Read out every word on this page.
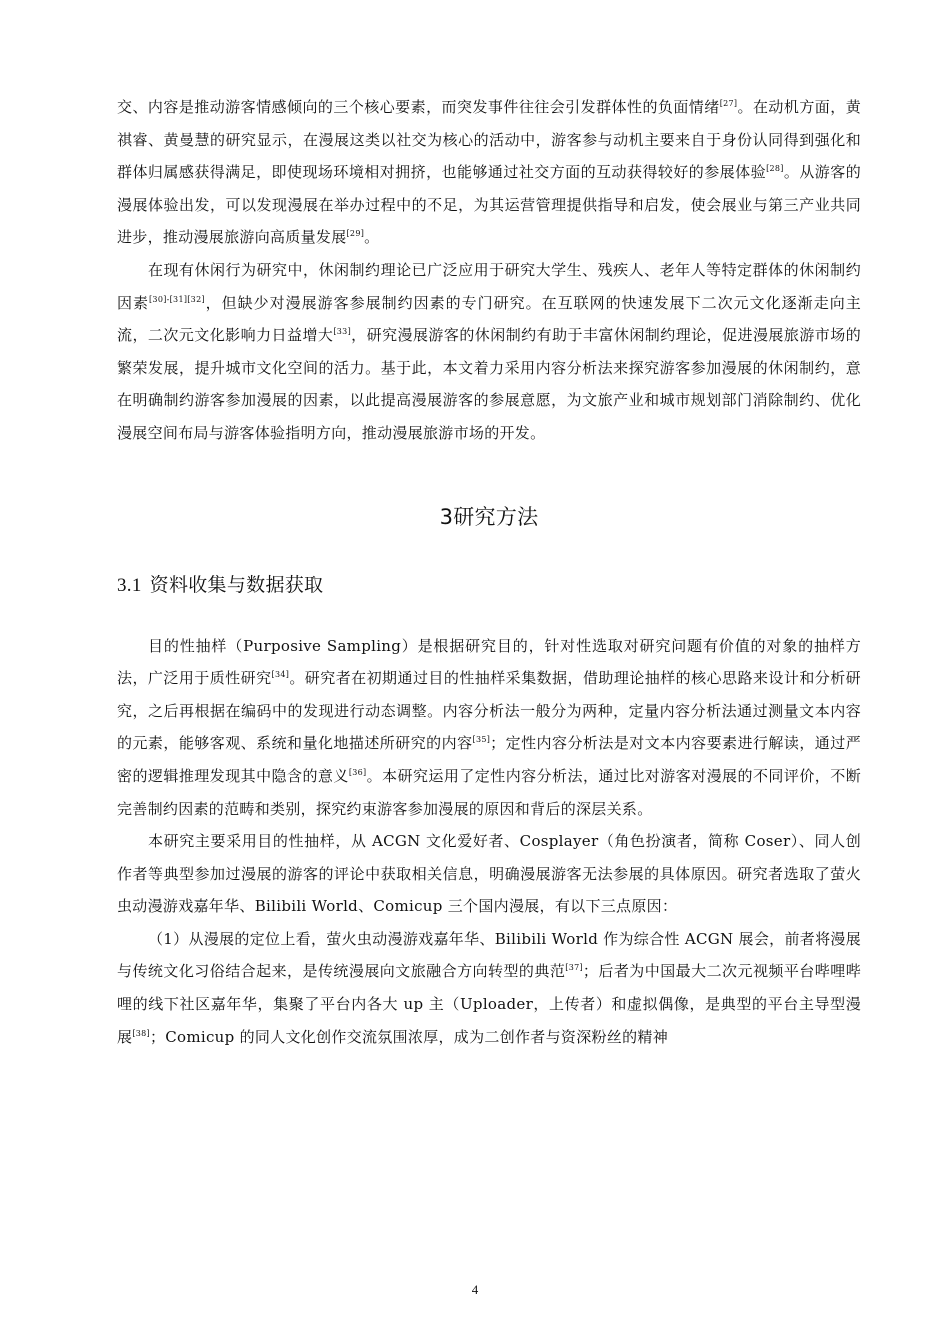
交、内容是推动游客情感倾向的三个核心要素，而突发事件往往会引发群体性的负面情绪[27]。在动机方面，黄祺睿、黄曼慧的研究显示，在漫展这类以社交为核心的活动中，游客参与动机主要来自于身份认同得到强化和群体归属感获得满足，即使现场环境相对拥挤，也能够通过社交方面的互动获得较好的参展体验[28]。从游客的漫展体验出发，可以发现漫展在举办过程中的不足，为其运营管理提供指导和启发，使会展业与第三产业共同进步，推动漫展旅游向高质量发展[29]。

在现有休闲行为研究中，休闲制约理论已广泛应用于研究大学生、残疾人、老年人等特定群体的休闲制约因素[30]-[31][32]，但缺少对漫展游客参展制约因素的专门研究。在互联网的快速发展下二次元文化逐渐走向主流，二次元文化影响力日益增大[33]，研究漫展游客的休闲制约有助于丰富休闲制约理论，促进漫展旅游市场的繁荣发展，提升城市文化空间的活力。基于此，本文着力采用内容分析法来探究游客参加漫展的休闲制约，意在明确制约游客参加漫展的因素，以此提高漫展游客的参展意愿，为文旅产业和城市规划部门消除制约、优化漫展空间布局与游客体验指明方向，推动漫展旅游市场的开发。

3研究方法
3.1 资料收集与数据获取

目的性抽样（Purposive Sampling）是根据研究目的，针对性选取对研究问题有价值的对象的抽样方法，广泛用于质性研究[34]。研究者在初期通过目的性抽样采集数据，借助理论抽样的核心思路来设计和分析研究，之后再根据在编码中的发现进行动态调整。内容分析法一般分为两种，定量内容分析法通过测量文本内容的元素，能够客观、系统和量化地描述所研究的内容[35]；定性内容分析法是对文本内容要素进行解读，通过严密的逻辑推理发现其中隐含的意义[36]。本研究运用了定性内容分析法，通过比对游客对漫展的不同评价，不断完善制约因素的范畴和类别，探究约束游客参加漫展的原因和背后的深层关系。

本研究主要采用目的性抽样，从 ACGN 文化爱好者、Cosplayer（角色扮演者，简称 Coser）、同人创作者等典型参加过漫展的游客的评论中获取相关信息，明确漫展游客无法参展的具体原因。研究者选取了萤火虫动漫游戏嘉年华、Bilibili World、Comicup 三个国内漫展，有以下三点原因：

（1）从漫展的定位上看，萤火虫动漫游戏嘉年华、Bilibili World 作为综合性 ACGN 展会，前者将漫展与传统文化习俗结合起来，是传统漫展向文旅融合方向转型的典范[37]；后者为中国最大二次元视频平台哔哩哔哩的线下社区嘉年华，集聚了平台内各大 up 主（Uploader，上传者）和虚拟偶像，是典型的平台主导型漫展[38]；Comicup 的同人文化创作交流氛围浓厚，成为二创作者与资深粉丝的精神

4
